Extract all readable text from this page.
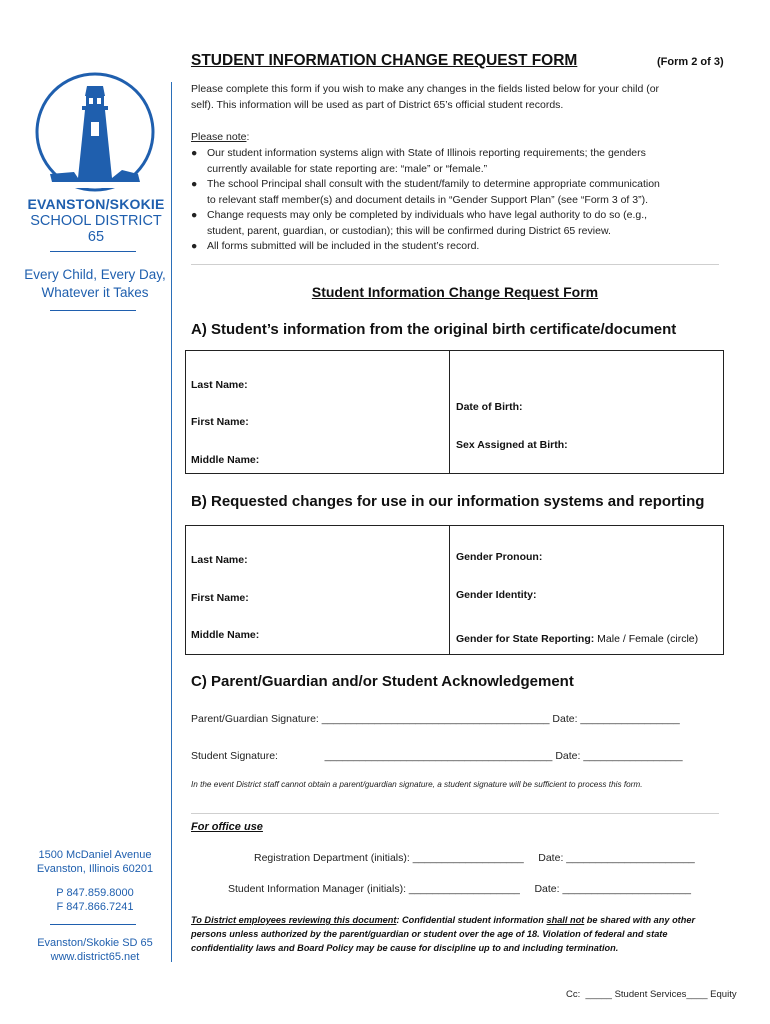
EVANSTON/SKOKIE
SCHOOL DISTRICT 65
Every Child, Every Day,
Whatever it Takes
1500 McDaniel Avenue
Evanston, Illinois 60201
P 847.859.8000
F 847.866.7241
Evanston/Skokie SD 65
www.district65.net
STUDENT INFORMATION CHANGE REQUEST FORM	(Form 2 of 3)
Please complete this form if you wish to make any changes in the fields listed below for your child (or
self). This information will be used as part of District 65’s official student records.
Please note:
● Our student information systems align with State of Illinois reporting requirements; the genders
currently available for state reporting are: “male” or “female.”
● The school Principal shall consult with the student/family to determine appropriate communication
to relevant staff member(s) and document details in “Gender Support Plan” (see “Form 3 of 3”).
● Change requests may only be completed by individuals who have legal authority to do so (e.g.,
student, parent, guardian, or custodian); this will be confirmed during District 65 review.
● All forms submitted will be included in the student’s record.
Student Information Change Request Form
A) Student’s information from the original birth certificate/document
Last Name:
First Name:
Middle Name:
Date of Birth:
Sex Assigned at Birth:
B) Requested changes for use in our information systems and reporting
Last Name:
First Name:
Middle Name:
Gender Pronoun:
Gender Identity:
Gender for State Reporting: Male / Female (circle)
C) Parent/Guardian and/or Student Acknowledgement
Parent/Guardian Signature: _______________________________________ Date: _________________
Student Signature:                _______________________________________ Date: _________________
In the event District staff cannot obtain a parent/guardian signature, a student signature will be sufficient to process this form.
For office use
Registration Department (initials): ___________________     Date: ______________________
Student Information Manager (initials): ___________________     Date: ______________________
To District employees reviewing this document: Confidential student information shall not be shared with any other persons unless authorized by the parent/guardian or student over the age of 18. Violation of federal and state confidentiality laws and Board Policy may be cause for discipline up to and including termination.
Cc:  _____ Student Services____ Equity
